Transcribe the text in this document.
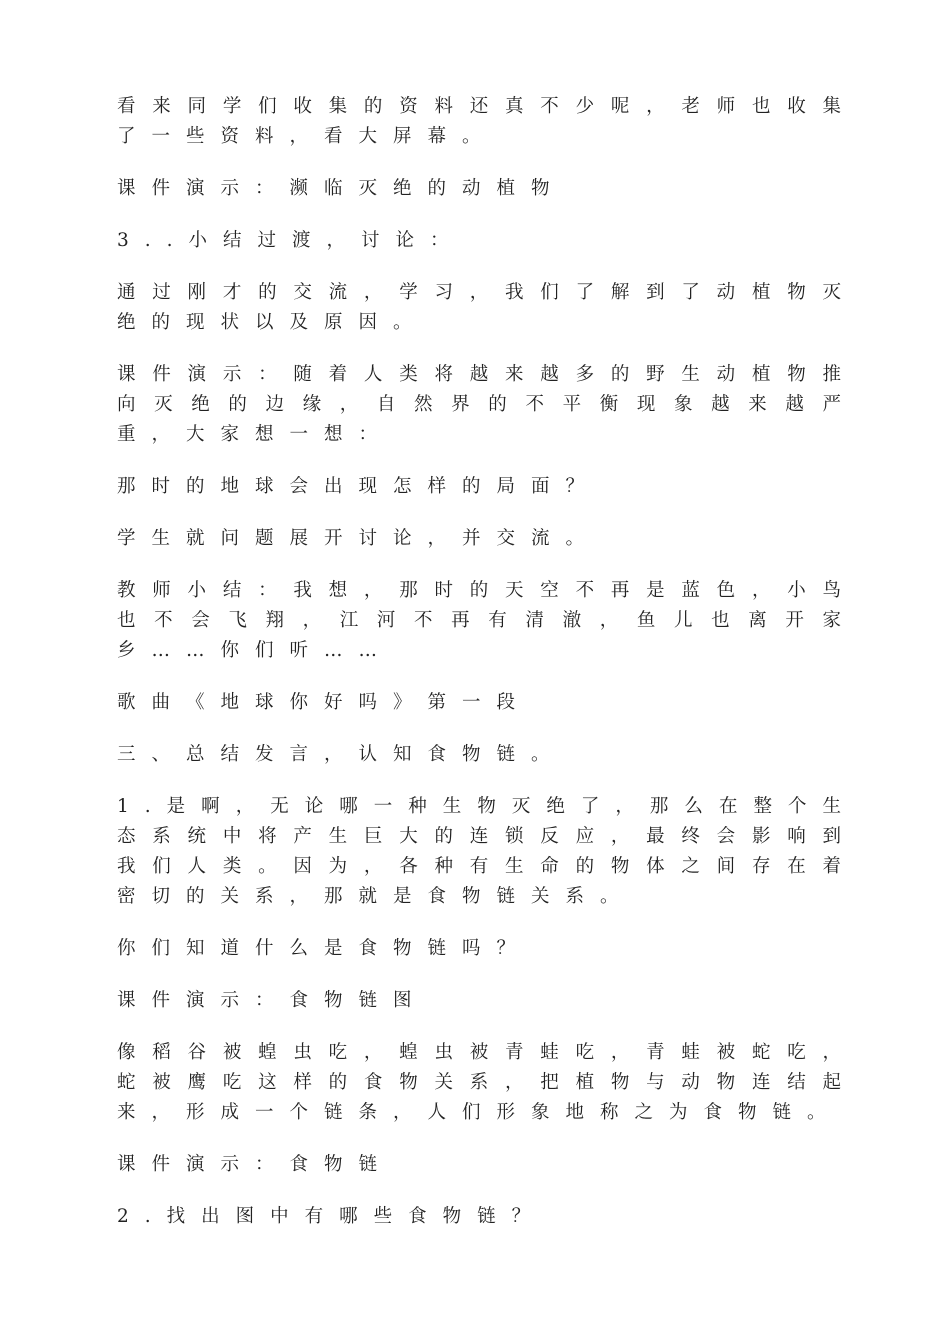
看来同学们收集的资料还真不少呢，老师也收集了一些资料，看大屏幕。

课件演示：濒临灭绝的动植物

3..小结过渡，讨论：

通过刚才的交流，学习，我们了解到了动植物灭绝的现状以及原因。

课件演示：随着人类将越来越多的野生动植物推向灭绝的边缘，自然界的不平衡现象越来越严重，大家想一想：

那时的地球会出现怎样的局面？

学生就问题展开讨论，并交流。

教师小结：我想，那时的天空不再是蓝色，小鸟也不会飞翔，江河不再有清澈，鱼儿也离开家乡……你们听……

歌曲《地球你好吗》第一段

三、总结发言，认知食物链。

1.是啊，无论哪一种生物灭绝了，那么在整个生态系统中将产生巨大的连锁反应，最终会影响到我们人类。因为，各种有生命的物体之间存在着密切的关系，那就是食物链关系。

你们知道什么是食物链吗？

课件演示：食物链图

像稻谷被蝗虫吃，蝗虫被青蛙吃，青蛙被蛇吃，蛇被鹰吃这样的食物关系，把植物与动物连结起来，形成一个链条，人们形象地称之为食物链。

课件演示：食物链

2.找出图中有哪些食物链？
